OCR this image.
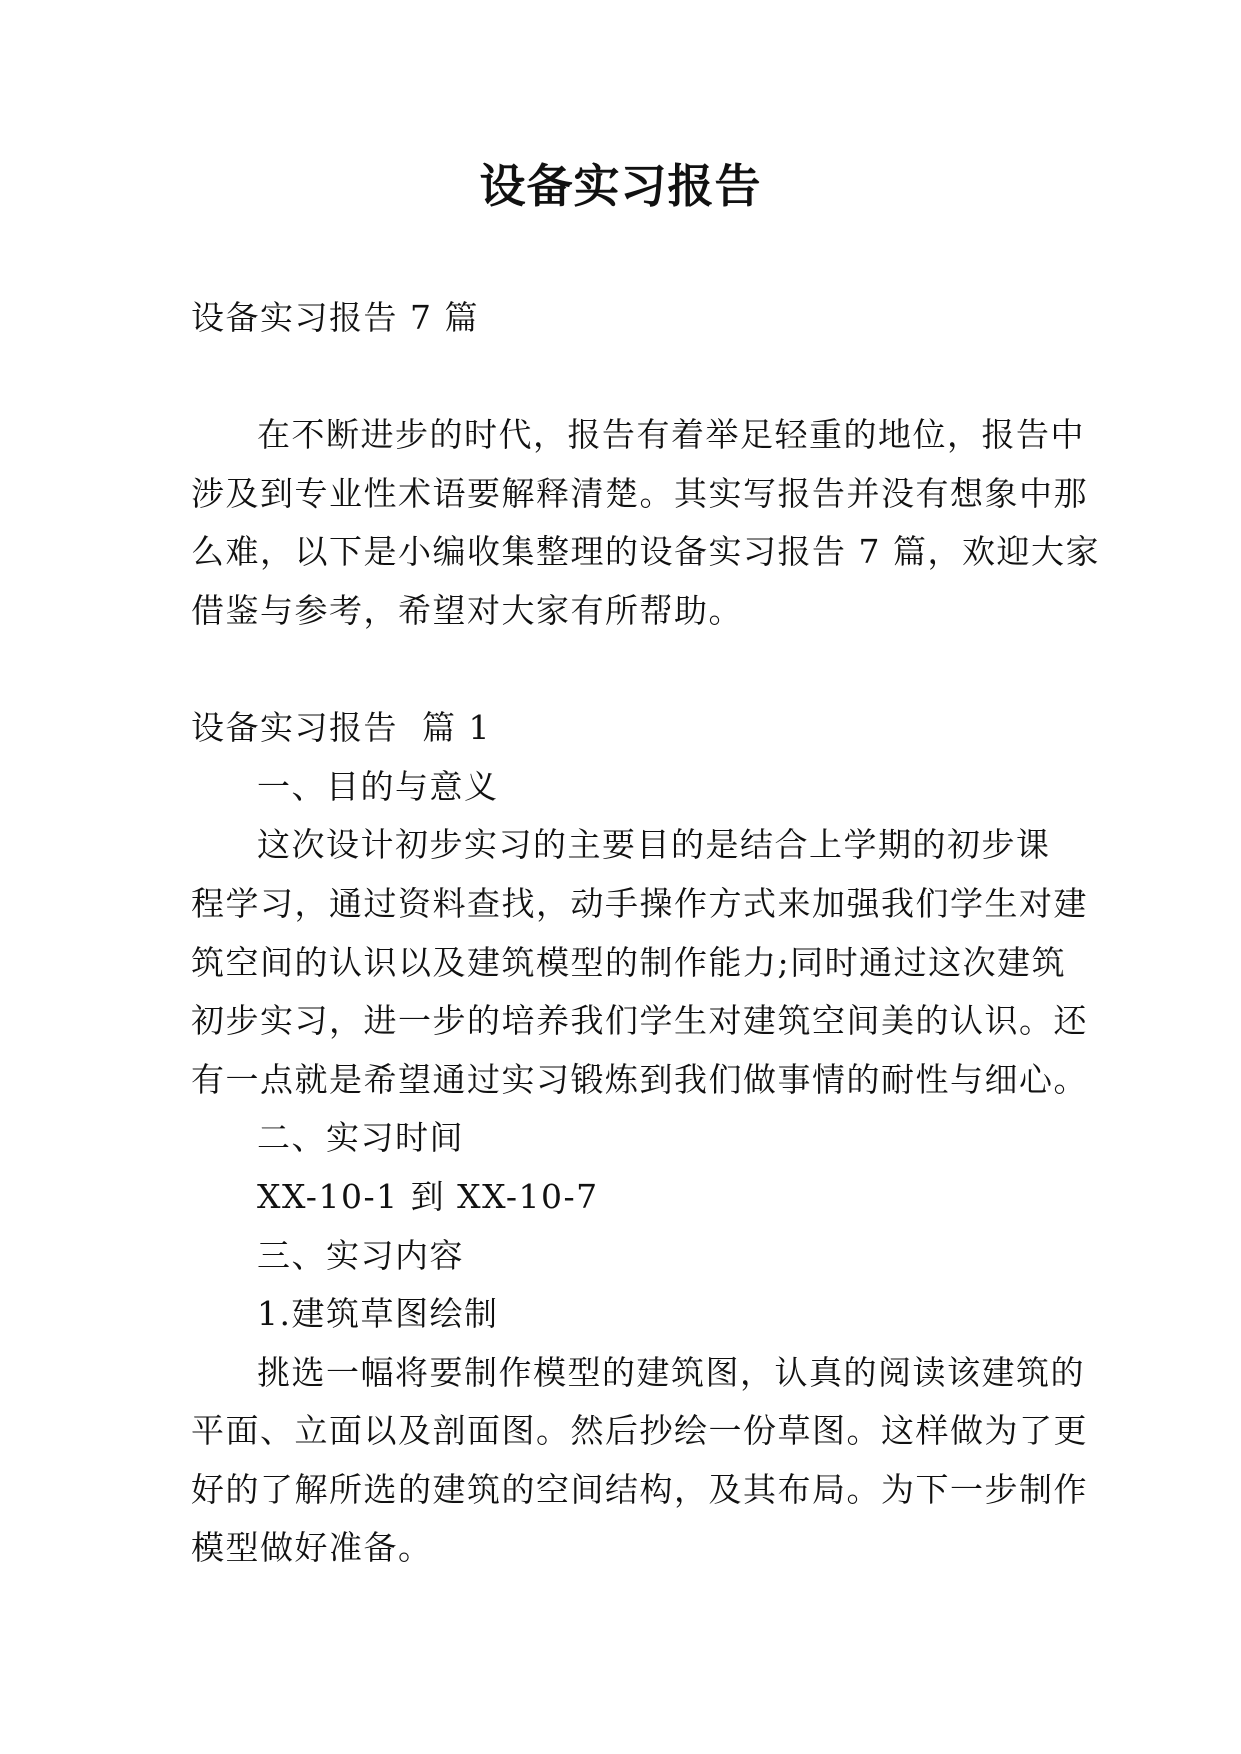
设备实习报告
设备实习报告 7 篇
在不断进步的时代，报告有着举足轻重的地位，报告中
涉及到专业性术语要解释清楚。其实写报告并没有想象中那
么难，以下是小编收集整理的设备实习报告 7 篇，欢迎大家
借鉴与参考，希望对大家有所帮助。
设备实习报告  篇 1
一、目的与意义
这次设计初步实习的主要目的是结合上学期的初步课
程学习，通过资料查找，动手操作方式来加强我们学生对建
筑空间的认识以及建筑模型的制作能力;同时通过这次建筑
初步实习，进一步的培养我们学生对建筑空间美的认识。还
有一点就是希望通过实习锻炼到我们做事情的耐性与细心。
二、实习时间
XX-10-1 到 XX-10-7
三、实习内容
1.建筑草图绘制
挑选一幅将要制作模型的建筑图，认真的阅读该建筑的
平面、立面以及剖面图。然后抄绘一份草图。这样做为了更
好的了解所选的建筑的空间结构，及其布局。为下一步制作
模型做好准备。
